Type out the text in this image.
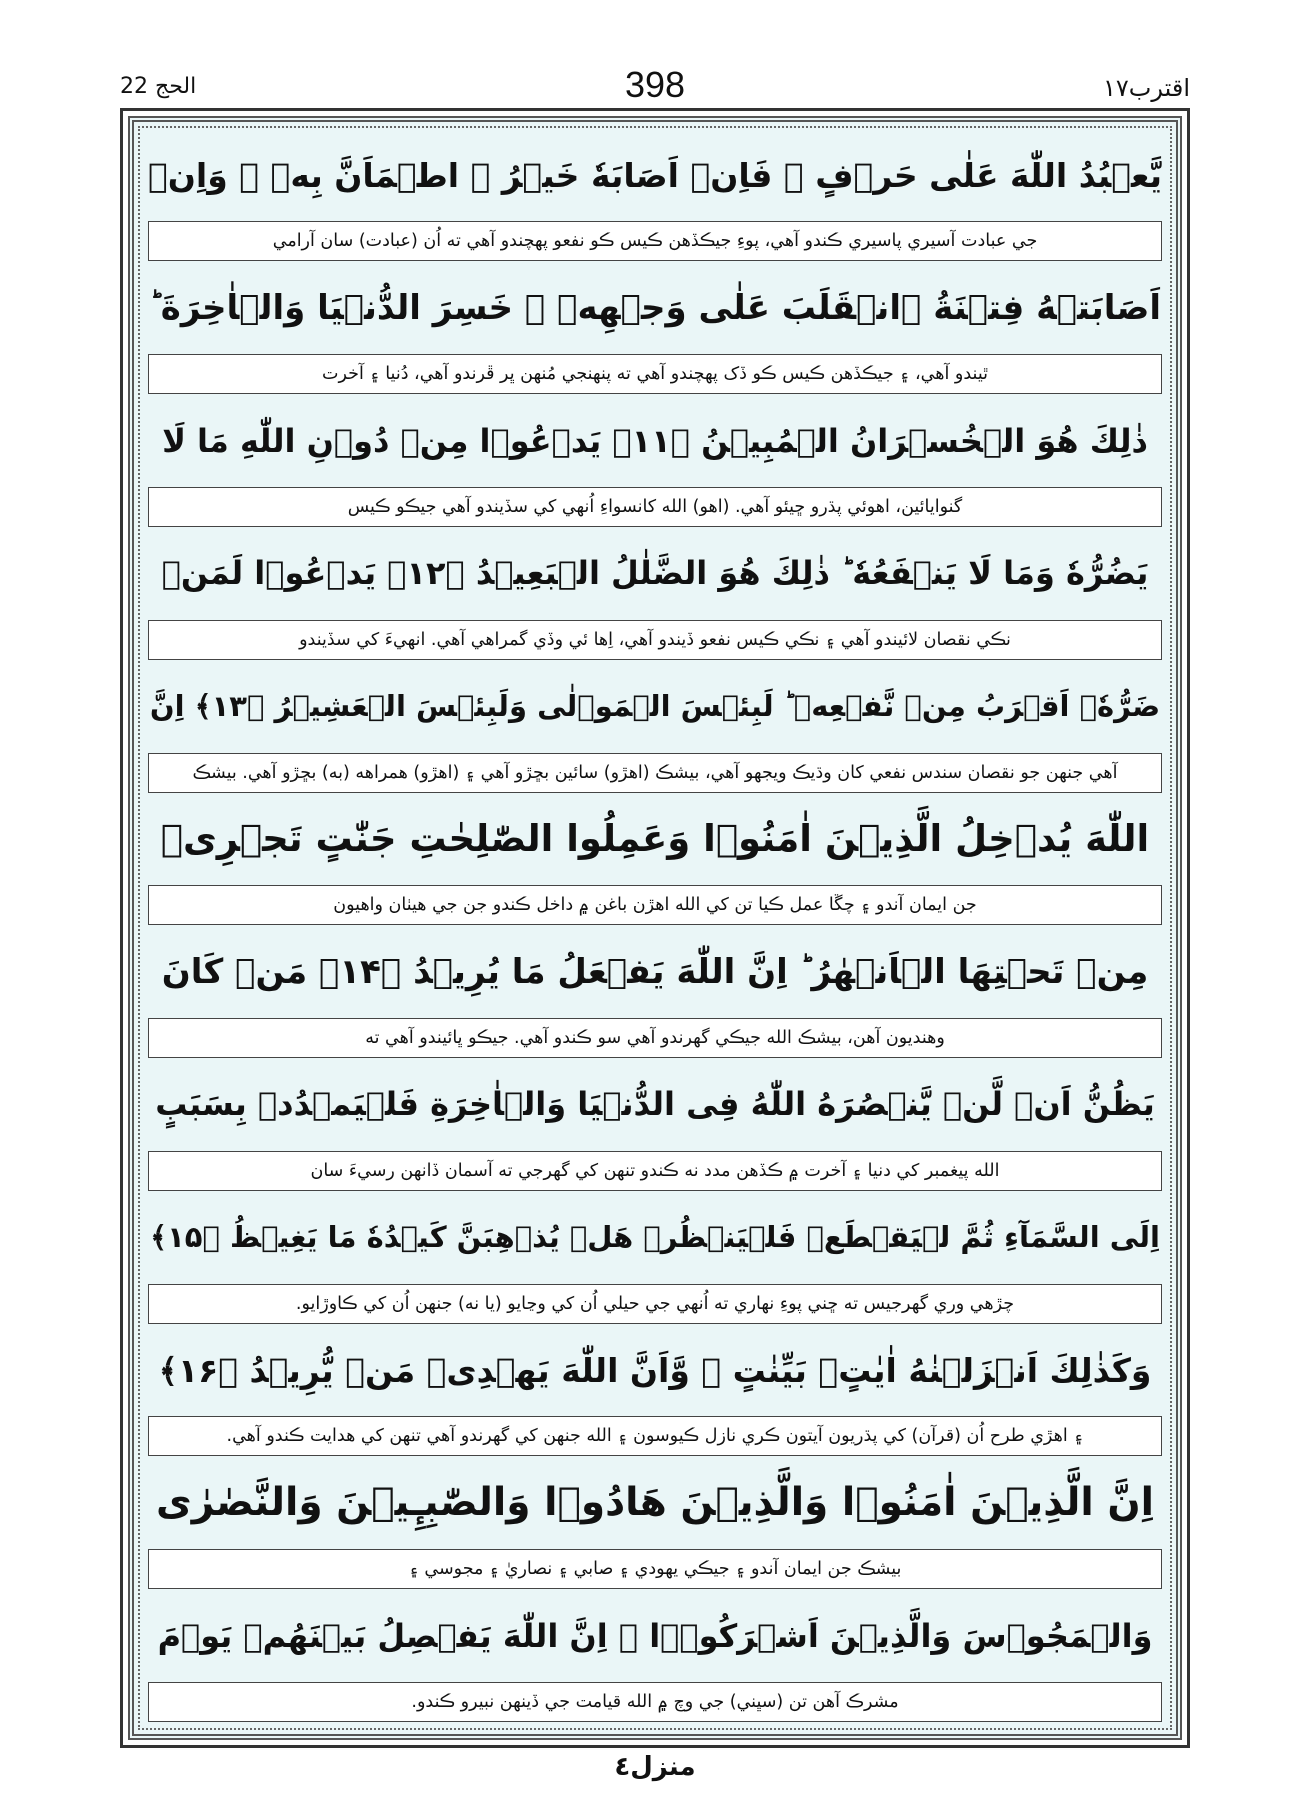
الحج 22	398	اقترب١٧
يَّعۡبُدُ اللّٰهَ عَلٰى حَرۡفٍ ۚ فَاِنۡ اَصَابَهٗ خَيۡرُ ۨ اطۡمَاَنَّ بِهٖ ۚ وَاِنۡ
جي عبادت آسيري پاسيري ڪندو آهي، پوءِ جيڪڏهن ڪيس ڪو نفعو پهچندو آهي ته اُن (عبادت) سان آرامي
اَصَابَتۡهُ فِتۡنَةُ ۨانۡقَلَبَ عَلٰى وَجۡهِهٖ ۚ خَسِرَ الدُّنۡيَا وَالۡاٰخِرَةَ ؕ
ٿيندو آهي، ۽ جيڪڏهن ڪيس ڪو ڏک پهچندو آهي ته پنهنجي مُنهن ڀر ڦرندو آهي، دُنيا ۽ آخرت
ذٰلِكَ هُوَ الۡخُسۡرَانُ الۡمُبِيۡنُ ﴿۱۱﴾ يَدۡعُوۡا مِنۡ دُوۡنِ اللّٰهِ مَا لَا
گنوايائين، اهوئي پڌرو ڇيئو آهي. (اهو) الله کانسواءِ اُنهي کي سڏيندو آهي جيڪو ڪيس
يَضُرُّهٗ وَمَا لَا يَنۡفَعُهٗ ؕ ذٰلِكَ هُوَ الضَّلٰلُ الۡبَعِيۡدُ ﴿۱۲﴾ يَدۡعُوۡا لَمَنۡ
نڪي نقصان لائيندو آهي ۽ نڪي ڪيس نفعو ڏيندو آهي، اِها ئي وڏي گمراهي آهي. انهيءَ کي سڏيندو
ضَرُّهٗۤ اَقۡرَبُ مِنۡ نَّفۡعِهٖ ؕ لَبِئۡسَ الۡمَوۡلٰى وَلَبِئۡسَ الۡعَشِيۡرُ ﴿۱۳﴾ اِنَّ
آهي جنهن جو نقصان سندس نفعي کان وڌيڪ ويجهو آهي، بيشڪ (اهڙو) سائين بڇڙو آهي ۽ (اهڙو) همراهه (به) بڇڙو آهي. بيشڪ
اللّٰهَ يُدۡخِلُ الَّذِيۡنَ اٰمَنُوۡا وَعَمِلُوا الصّٰلِحٰتِ جَنّٰتٍ تَجۡرِىۡ
جن ايمان آندو ۽ چڱا عمل ڪيا تن کي الله اهڙن باغن ۾ داخل ڪندو جن جي هيٺان واهيون
مِنۡ تَحۡتِهَا الۡاَنۡهٰرُ ؕ اِنَّ اللّٰهَ يَفۡعَلُ مَا يُرِيۡدُ ﴿۱۴﴾ مَنۡ كَانَ
وهنديون آهن، بيشڪ الله جيڪي گهرندو آهي سو ڪندو آهي. جيڪو ڀائيندو آهي ته
يَظُنُّ اَنۡ لَّنۡ يَّنۡصُرَهُ اللّٰهُ فِى الدُّنۡيَا وَالۡاٰخِرَةِ فَلۡيَمۡدُدۡ بِسَبَبٍ
الله پيغمبر کي دنيا ۽ آخرت ۾ ڪڏهن مدد نه ڪندو تنهن کي گهرجي ته آسمان ڏانهن رسيءَ سان
اِلَى السَّمَآءِ ثُمَّ لۡيَقۡطَعۡ فَلۡيَنۡظُرۡ هَلۡ يُذۡهِبَنَّ كَيۡدُهٗ مَا يَغِيۡظُ ﴿۱۵﴾
چڙهي وري گهرجيس ته ڇني پوءِ نهاري ته اُنهي جي حيلي اُن کي وڃايو (يا نه) جنهن اُن کي ڪاوڙايو.
وَكَذٰلِكَ اَنۡزَلۡنٰهُ اٰيٰتٍۢ بَيِّنٰتٍ ۙ وَّاَنَّ اللّٰهَ يَهۡدِىۡ مَنۡ يُّرِيۡدُ ﴿۱۶﴾
۽ اهڙي طرح اُن (قرآن) کي پڌريون آيتون ڪري نازل ڪيوسون ۽ الله جنهن کي گهرندو آهي تنهن کي هدايت ڪندو آهي.
اِنَّ الَّذِيۡنَ اٰمَنُوۡا وَالَّذِيۡنَ هَادُوۡا وَالصّٰبِـِٕيۡنَ وَالنَّصٰرٰى
بيشڪ جن ايمان آندو ۽ جيڪي يهودي ۽ صابي ۽ نصاريٰ ۽ مجوسي ۽
وَالۡمَجُوۡسَ وَالَّذِيۡنَ اَشۡرَكُوۡۤا ۖ اِنَّ اللّٰهَ يَفۡصِلُ بَيۡنَهُمۡ يَوۡمَ
مشرڪ آهن تن (سڀني) جي وچ ۾ الله قيامت جي ڏينهن نبيرو ڪندو.
منزل٤
